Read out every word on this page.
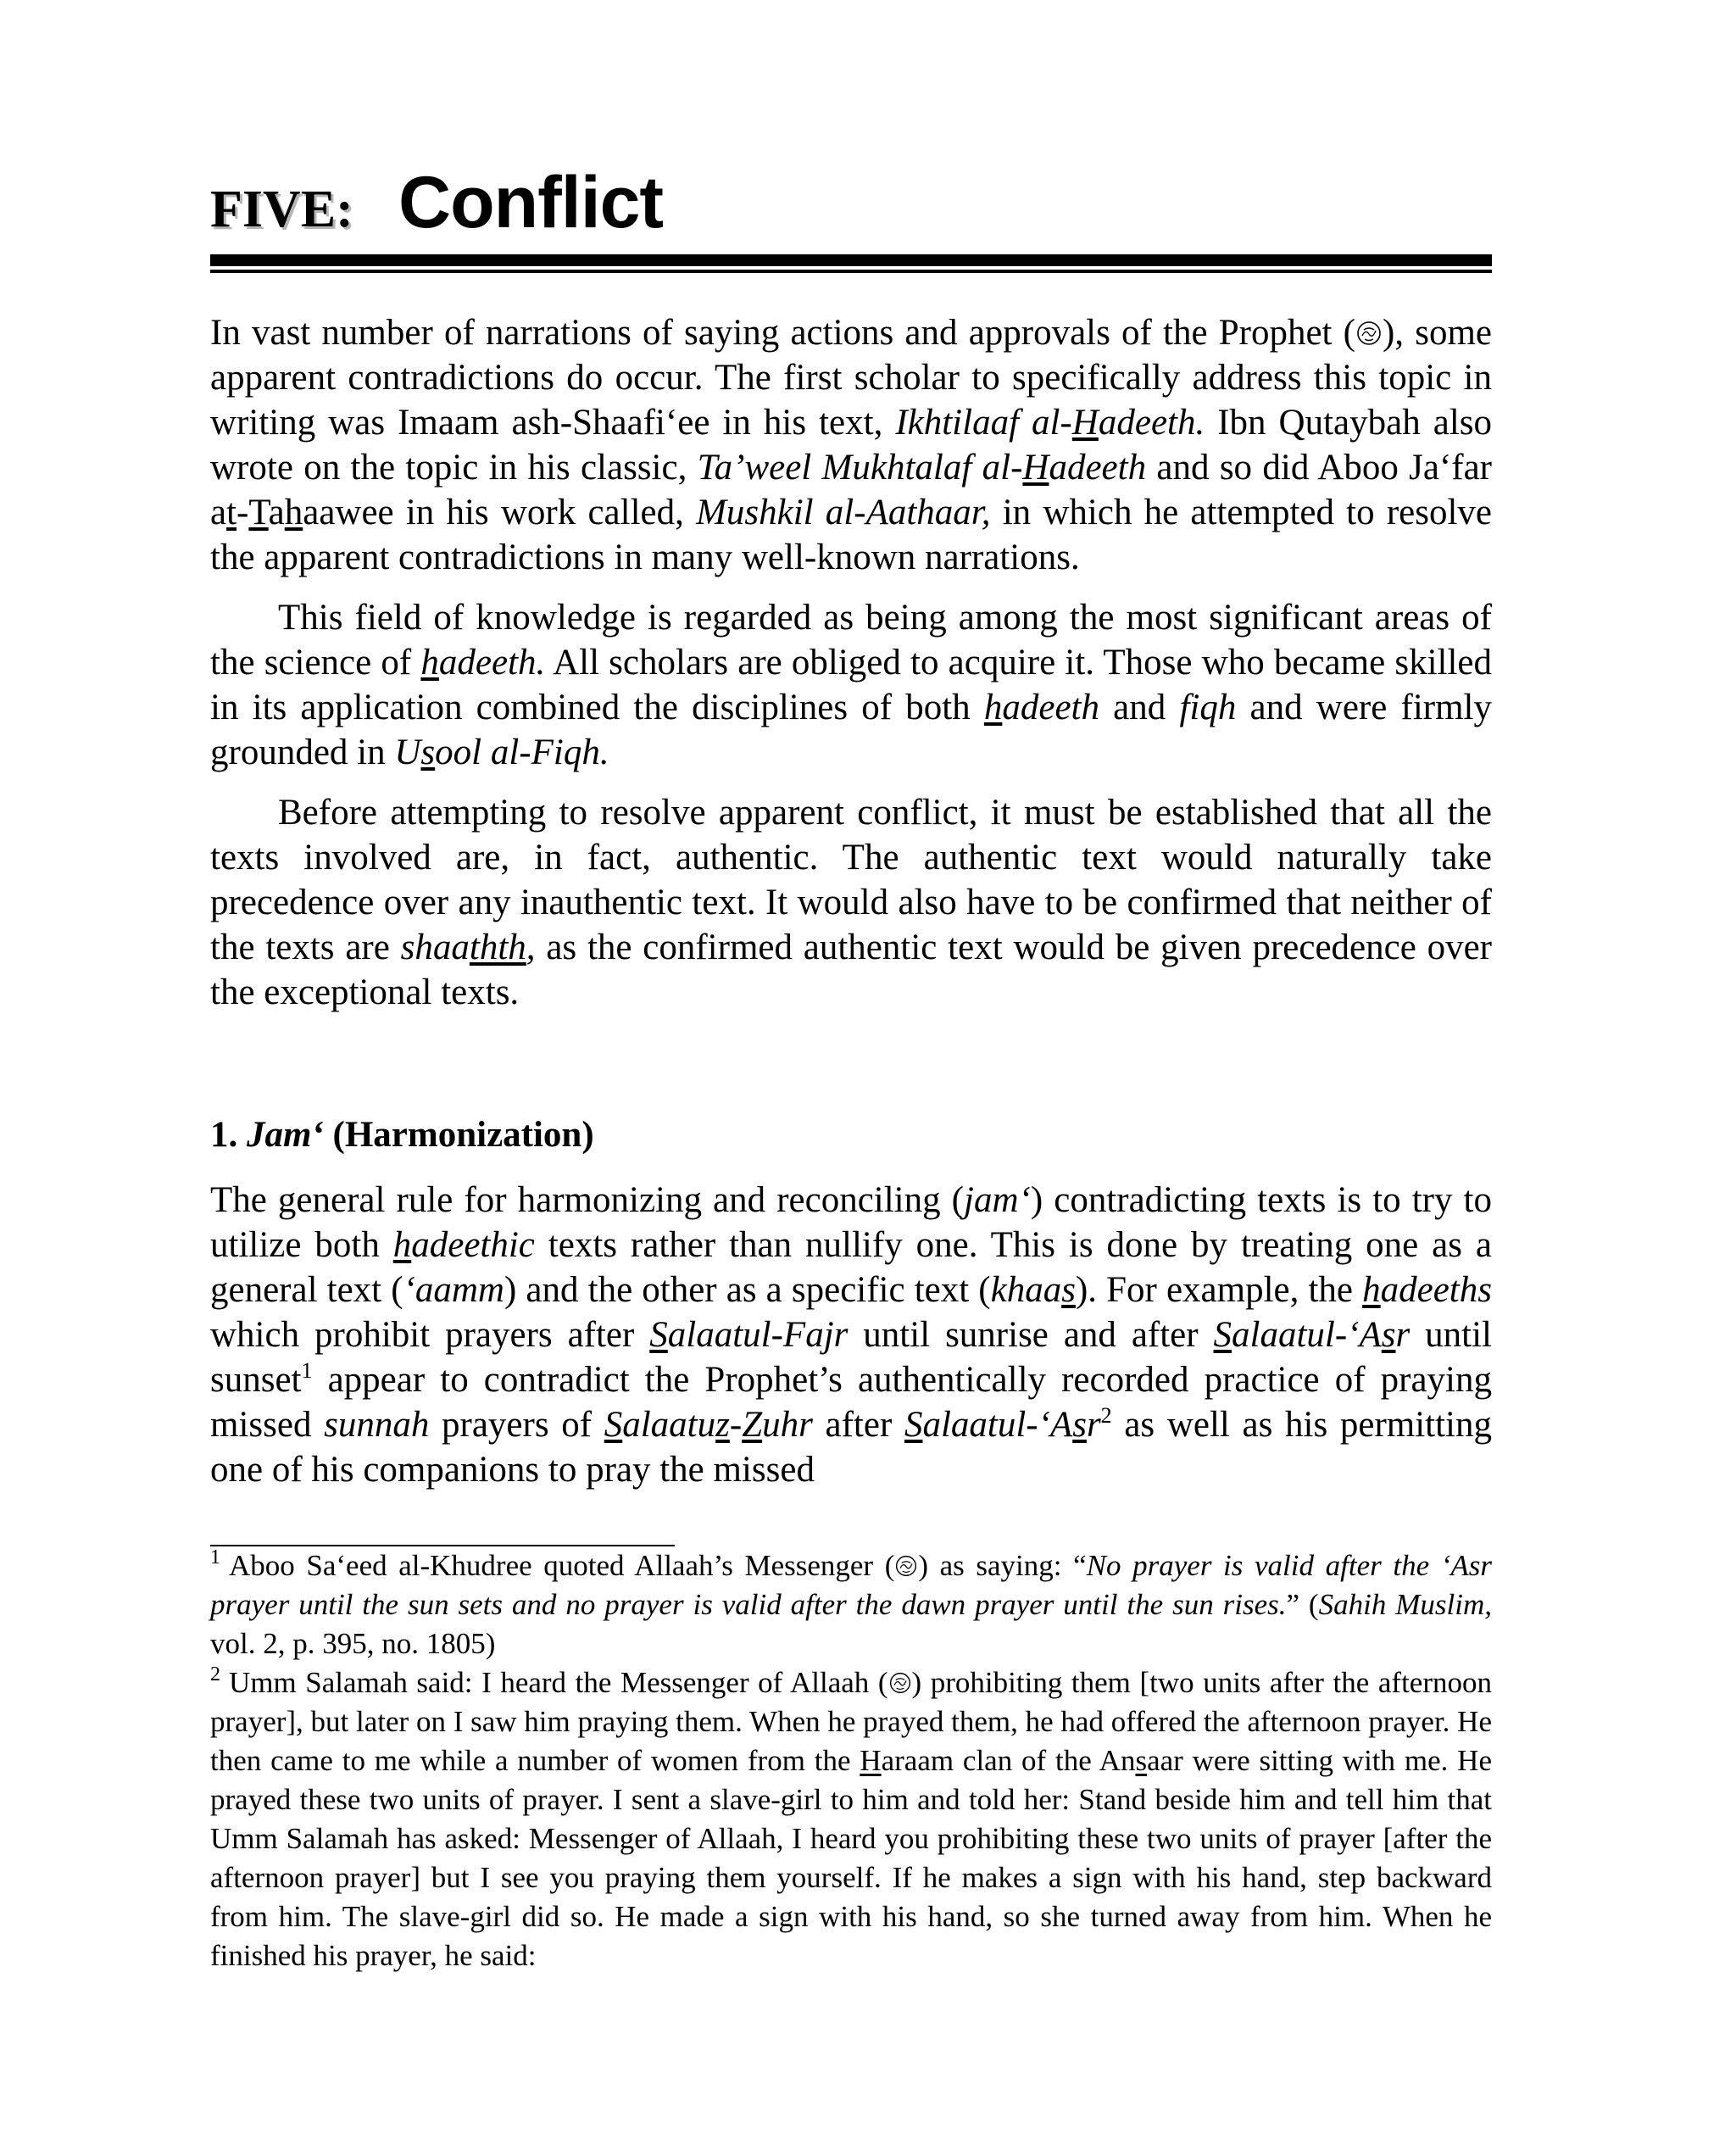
FIVE: Conflict

In vast number of narrations of saying actions and approvals of the Prophet ( ), some apparent contradictions do occur. The first scholar to specifically address this topic in writing was Imaam ash-Shaafi‘ee in his text, Ikhtilaaf al-Hadeeth. Ibn Qutaybah also wrote on the topic in his classic, Ta’weel Mukhtalaf al-Hadeeth and so did Aboo Ja‘far at-Tahaawee in his work called, Mushkil al-Aathaar, in which he attempted to resolve the apparent contradictions in many well-known narrations.

This field of knowledge is regarded as being among the most significant areas of the science of hadeeth. All scholars are obliged to acquire it. Those who became skilled in its application combined the disciplines of both hadeeth and fiqh and were firmly grounded in Usool al-Fiqh.

Before attempting to resolve apparent conflict, it must be established that all the texts involved are, in fact, authentic. The authentic text would naturally take precedence over any inauthentic text. It would also have to be confirmed that neither of the texts are shaathth, as the confirmed authentic text would be given precedence over the exceptional texts.

1. Jam‘ (Harmonization)

The general rule for harmonizing and reconciling (jam‘) contradicting texts is to try to utilize both hadeethic texts rather than nullify one. This is done by treating one as a general text (‘aamm) and the other as a specific text (khaas). For example, the hadeeths which prohibit prayers after Salaatul-Fajr until sunrise and after Salaatul-‘Asr until sunset$^1$ appear to contradict the Prophet’s authentically recorded practice of praying missed sunnah prayers of Salaatuz-Zuhr after Salaatul-‘Asr$^2$ as well as his permitting one of his companions to pray the missed

$^1$ Aboo Sa‘eed al-Khudree quoted Allaah’s Messenger ( ) as saying: “No prayer is valid after the ‘Asr prayer until the sun sets and no prayer is valid after the dawn prayer until the sun rises.” (Sahih Muslim, vol. 2, p. 395, no. 1805)

$^2$ Umm Salamah said: I heard the Messenger of Allaah ( ) prohibiting them [two units after the afternoon prayer], but later on I saw him praying them. When he prayed them, he had offered the afternoon prayer. He then came to me while a number of women from the Haraam clan of the Ansaar were sitting with me. He prayed these two units of prayer. I sent a slave-girl to him and told her: Stand beside him and tell him that Umm Salamah has asked: Messenger of Allaah, I heard you prohibiting these two units of prayer [after the afternoon prayer] but I see you praying them yourself. If he makes a sign with his hand, step backward from him. The slave-girl did so. He made a sign with his hand, so she turned away from him. When he finished his prayer, he said:
